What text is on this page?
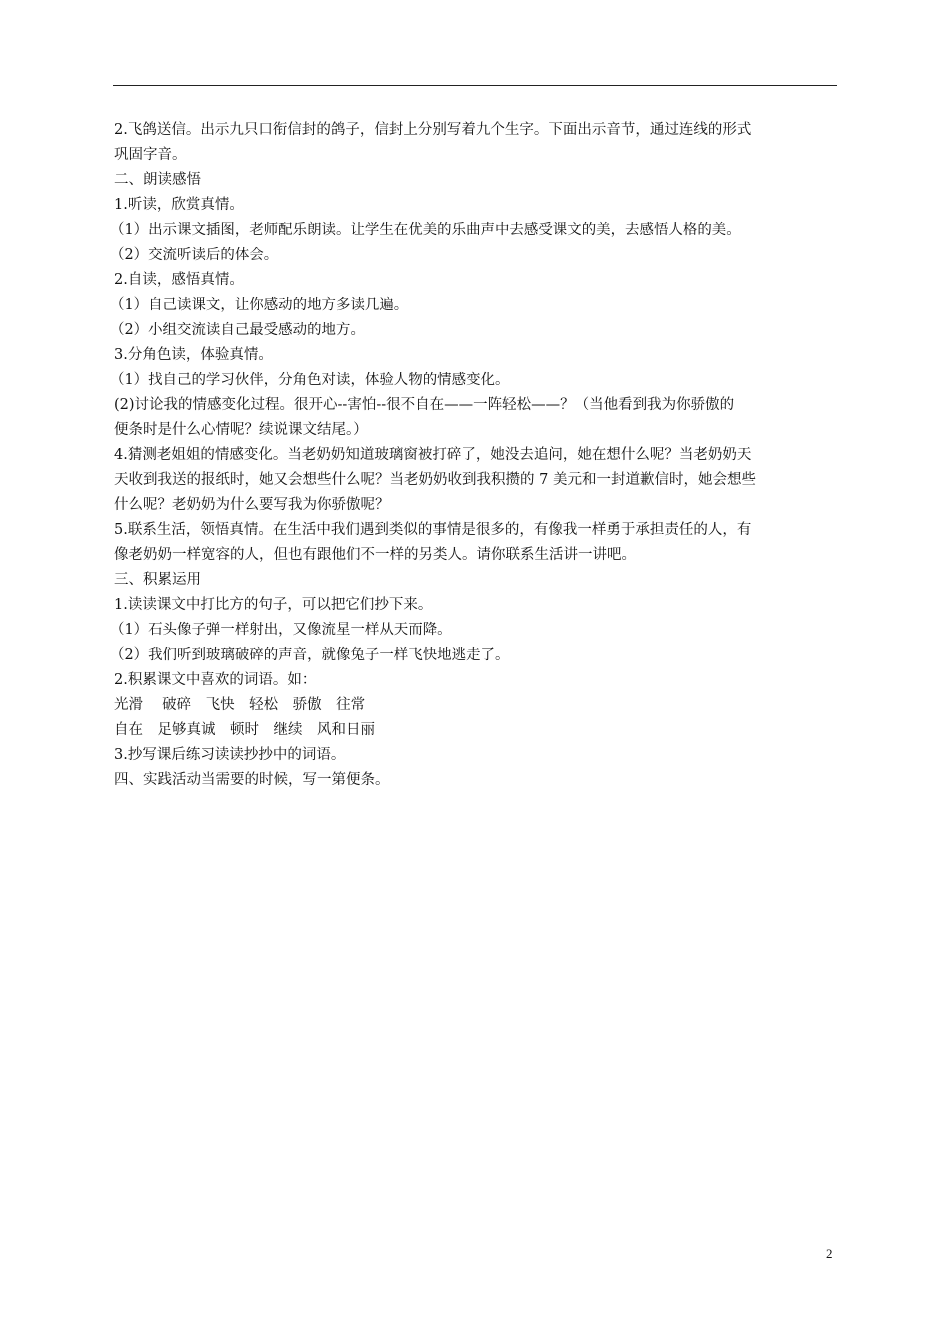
2.飞鸽送信。出示九只口衔信封的鸽子，信封上分别写着九个生字。下面出示音节，通过连线的形式
巩固字音。
二、朗读感悟
1.听读，欣赏真情。
（1）出示课文插图，老师配乐朗读。让学生在优美的乐曲声中去感受课文的美，去感悟人格的美。
（2）交流听读后的体会。
2.自读，感悟真情。
（1）自己读课文，让你感动的地方多读几遍。
（2）小组交流读自己最受感动的地方。
3.分角色读，体验真情。
（1）找自己的学习伙伴，分角色对读，体验人物的情感变化。
(2)讨论我的情感变化过程。很开心--害怕--很不自在——一阵轻松——？（当他看到我为你骄傲的
便条时是什么心情呢？续说课文结尾。）
4.猜测老姐姐的情感变化。当老奶奶知道玻璃窗被打碎了，她没去追问，她在想什么呢？当老奶奶天
天收到我送的报纸时，她又会想些什么呢？当老奶奶收到我积攒的 7 美元和一封道歉信时，她会想些
什么呢？老奶奶为什么要写我为你骄傲呢？
5.联系生活，领悟真情。在生活中我们遇到类似的事情是很多的，有像我一样勇于承担责任的人，有
像老奶奶一样宽容的人，但也有跟他们不一样的另类人。请你联系生活讲一讲吧。
三、积累运用
1.读读课文中打比方的句子，可以把它们抄下来。
（1）石头像子弹一样射出，又像流星一样从天而降。
（2）我们听到玻璃破碎的声音，就像兔子一样飞快地逃走了。
2.积累课文中喜欢的词语。如：
光滑　 破碎　飞快　轻松　骄傲　往常
自在　足够真诚　顿时　继续　风和日丽
3.抄写课后练习读读抄抄中的词语。
四、实践活动当需要的时候，写一第便条。
2
